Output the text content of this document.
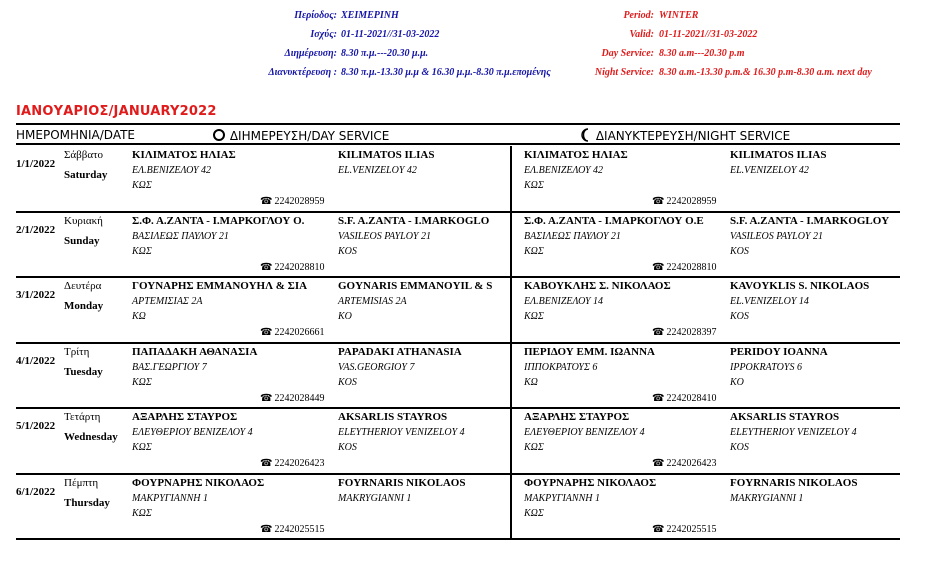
Περίοδος: ΧΕΙΜΕΡΙΝΗ
Ισχύς: 01-11-2021//31-03-2022
Διημέρευση: 8.30 π.μ.---20.30 μ.μ.
Διανυκτέρευση : 8.30 π.μ.-13.30 μ.μ & 16.30 μ.μ.-8.30 π.μ.επομένης
Period: WINTER
Valid: 01-11-2021//31-03-2022
Day Service: 8.30 a.m---20.30 p.m
Night Service: 8.30 a.m.-13.30 p.m.& 16.30 p.m-8.30 a.m. next day
ΙΑΝΟΥΑΡΙΟΣ/JANUARY2022
ΗΜΕΡΟΜΗΝΙΑ/DATE	ΔΙΗΜΕΡΕΥΣΗ/DAY SERVICE	ΔΙΑΝΥΚΤΕΡΕΥΣΗ/NIGHT SERVICE
1/1/2022
Σάββατο
Saturday
ΚΙΛΙΜΑΤΟΣ ΗΛΙΑΣ
ΕΛ.ΒΕΝΙΖΕΛΟΥ 42
ΚΩΣ
KILIMATOS ILIAS
EL.VENIZELOY 42
☎ 2242028959
ΚΙΛΙΜΑΤΟΣ ΗΛΙΑΣ
ΕΛ.ΒΕΝΙΖΕΛΟΥ 42
ΚΩΣ
KILIMATOS ILIAS
EL.VENIZELOY 42
☎ 2242028959
2/1/2022
Κυριακή
Sunday
Σ.Φ. Α.ΖΑΝΤΑ - Ι.ΜΑΡΚΟΓΛΟΥ Ο.
ΒΑΣΙΛΕΩΣ ΠΑΥΛΟΥ 21
ΚΩΣ
S.F. A.ZANTA - I.MARKOGLO
VASILEOS PAYLOY 21
KOS
☎ 2242028810
Σ.Φ. Α.ΖΑΝΤΑ - Ι.ΜΑΡΚΟΓΛΟΥ Ο.Ε
ΒΑΣΙΛΕΩΣ ΠΑΥΛΟΥ 21
ΚΩΣ
S.F. A.ZANTA - I.MARKOGLOY
VASILEOS PAYLOY 21
KOS
☎ 2242028810
3/1/2022
Δευτέρα
Monday
ΓΟΥΝΑΡΗΣ ΕΜΜΑΝΟΥΗΛ & ΣΙΑ
ΑΡΤΕΜΙΣΙΑΣ 2Α
ΚΩ
GOYNARIS EMMANOYIL & S
ARTEMISIAS 2A
KO
☎ 2242026661
ΚΑΒΟΥΚΛΗΣ Σ. ΝΙΚΟΛΑΟΣ
ΕΛ.ΒΕΝΙΖΕΛΟΥ 14
ΚΩΣ
KAVOYKLIS S. NIKOLAOS
EL.VENIZELOY 14
KOS
☎ 2242028397
4/1/2022
Τρίτη
Tuesday
ΠΑΠΑΔΑΚΗ ΑΘΑΝΑΣΙΑ
ΒΑΣ.ΓΕΩΡΓΙΟΥ 7
ΚΩΣ
PAPADAKI ATHANASIA
VAS.GEORGIOY 7
KOS
☎ 2242028449
ΠΕΡΙΔΟΥ ΕΜΜ. ΙΩΑΝΝΑ
ΙΠΠΟΚΡΑΤΟΥΣ 6
ΚΩ
PERIDOY IOANNA
IPPOKRATOYS 6
KO
☎ 2242028410
5/1/2022
Τετάρτη
Wednesday
ΑΞΑΡΛΗΣ ΣΤΑΥΡΟΣ
ΕΛΕΥΘΕΡΙΟΥ ΒΕΝΙΖΕΛΟΥ 4
ΚΩΣ
AKSARLIS STAYROS
ELEYTHERIOY VENIZELOY 4
KOS
☎ 2242026423
ΑΞΑΡΛΗΣ ΣΤΑΥΡΟΣ
ΕΛΕΥΘΕΡΙΟΥ ΒΕΝΙΖΕΛΟΥ 4
ΚΩΣ
AKSARLIS STAYROS
ELEYTHERIOY VENIZELOY 4
KOS
☎ 2242026423
6/1/2022
Πέμπτη
Thursday
ΦΟΥΡΝΑΡΗΣ ΝΙΚΟΛΑΟΣ
ΜΑΚΡΥΓΙΑΝΝΗ 1
ΚΩΣ
FOYRNARIS NIKOLAOS
MAKRYGIANNI 1
☎ 2242025515
ΦΟΥΡΝΑΡΗΣ ΝΙΚΟΛΑΟΣ
ΜΑΚΡΥΓΙΑΝΝΗ 1
ΚΩΣ
FOYRNARIS NIKOLAOS
MAKRYGIANNI 1
☎ 2242025515
